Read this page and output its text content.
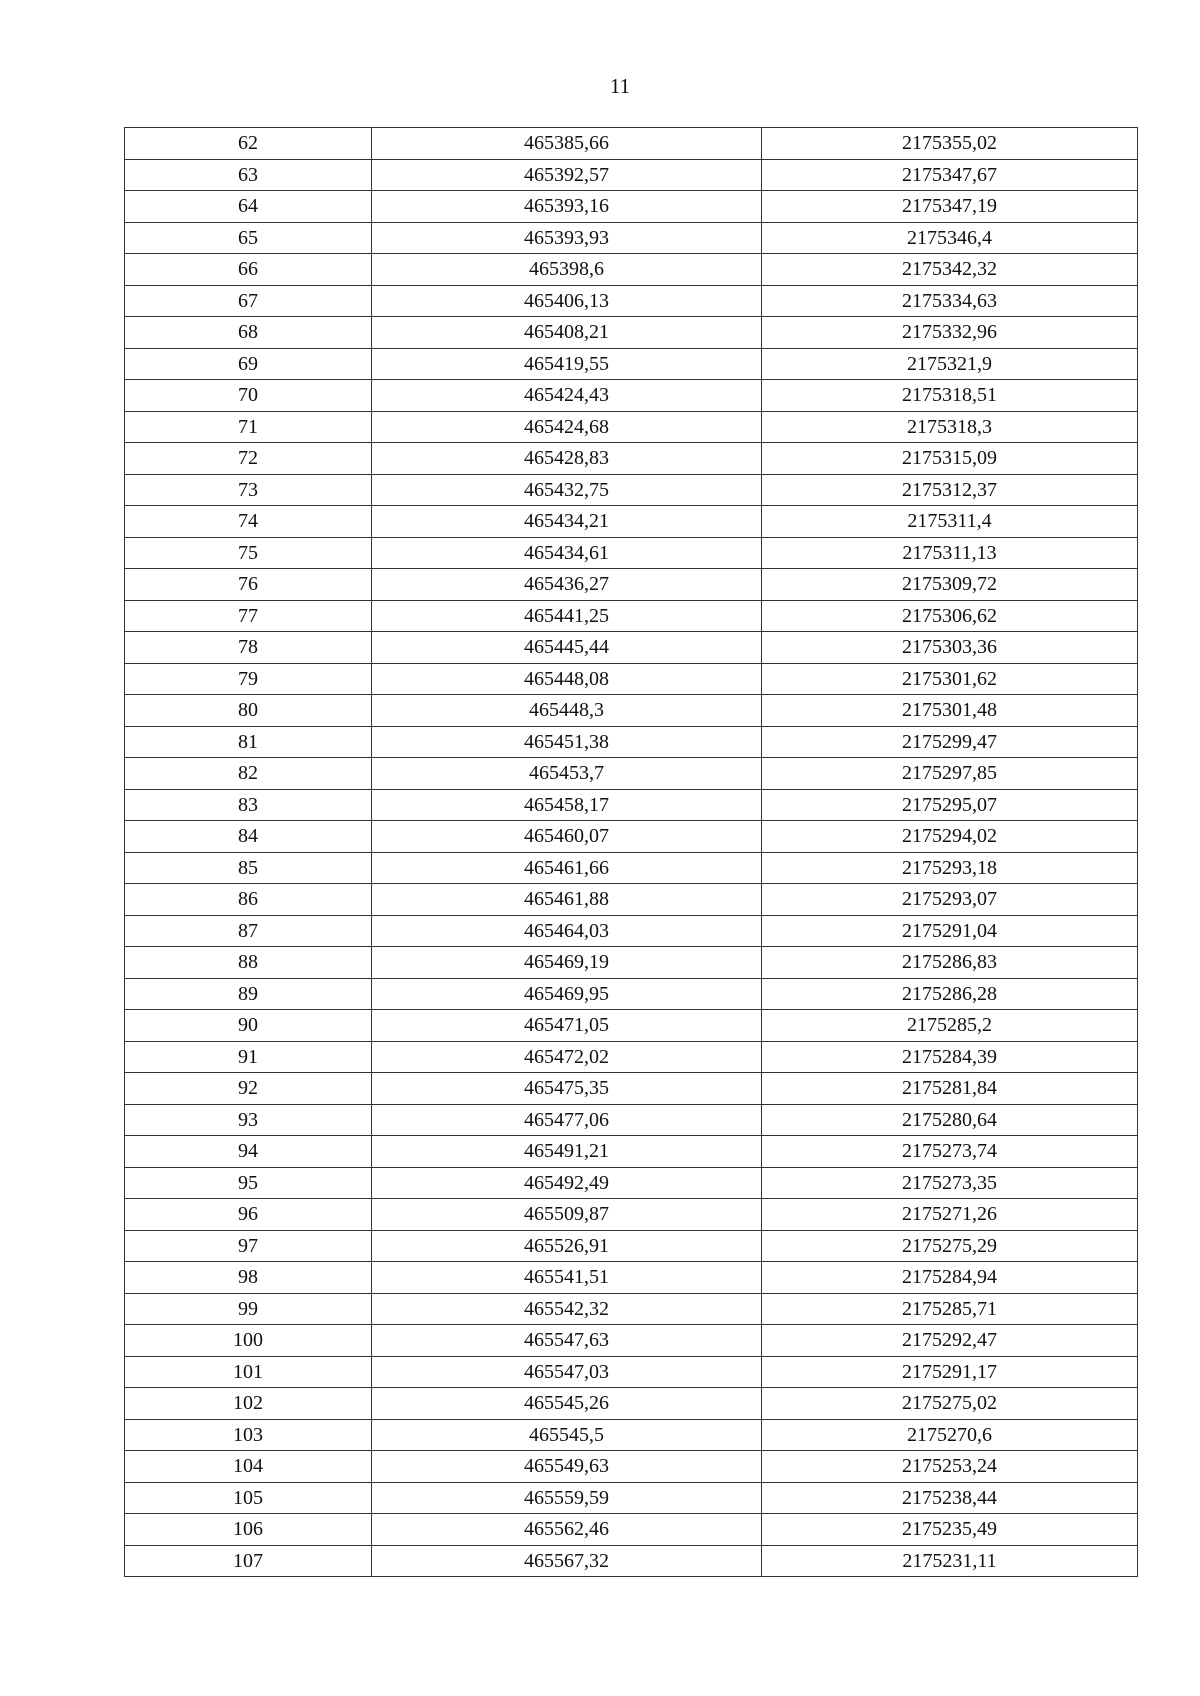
11
62	465385,66	2175355,02
63	465392,57	2175347,67
64	465393,16	2175347,19
65	465393,93	2175346,4
66	465398,6	2175342,32
67	465406,13	2175334,63
68	465408,21	2175332,96
69	465419,55	2175321,9
70	465424,43	2175318,51
71	465424,68	2175318,3
72	465428,83	2175315,09
73	465432,75	2175312,37
74	465434,21	2175311,4
75	465434,61	2175311,13
76	465436,27	2175309,72
77	465441,25	2175306,62
78	465445,44	2175303,36
79	465448,08	2175301,62
80	465448,3	2175301,48
81	465451,38	2175299,47
82	465453,7	2175297,85
83	465458,17	2175295,07
84	465460,07	2175294,02
85	465461,66	2175293,18
86	465461,88	2175293,07
87	465464,03	2175291,04
88	465469,19	2175286,83
89	465469,95	2175286,28
90	465471,05	2175285,2
91	465472,02	2175284,39
92	465475,35	2175281,84
93	465477,06	2175280,64
94	465491,21	2175273,74
95	465492,49	2175273,35
96	465509,87	2175271,26
97	465526,91	2175275,29
98	465541,51	2175284,94
99	465542,32	2175285,71
100	465547,63	2175292,47
101	465547,03	2175291,17
102	465545,26	2175275,02
103	465545,5	2175270,6
104	465549,63	2175253,24
105	465559,59	2175238,44
106	465562,46	2175235,49
107	465567,32	2175231,11
